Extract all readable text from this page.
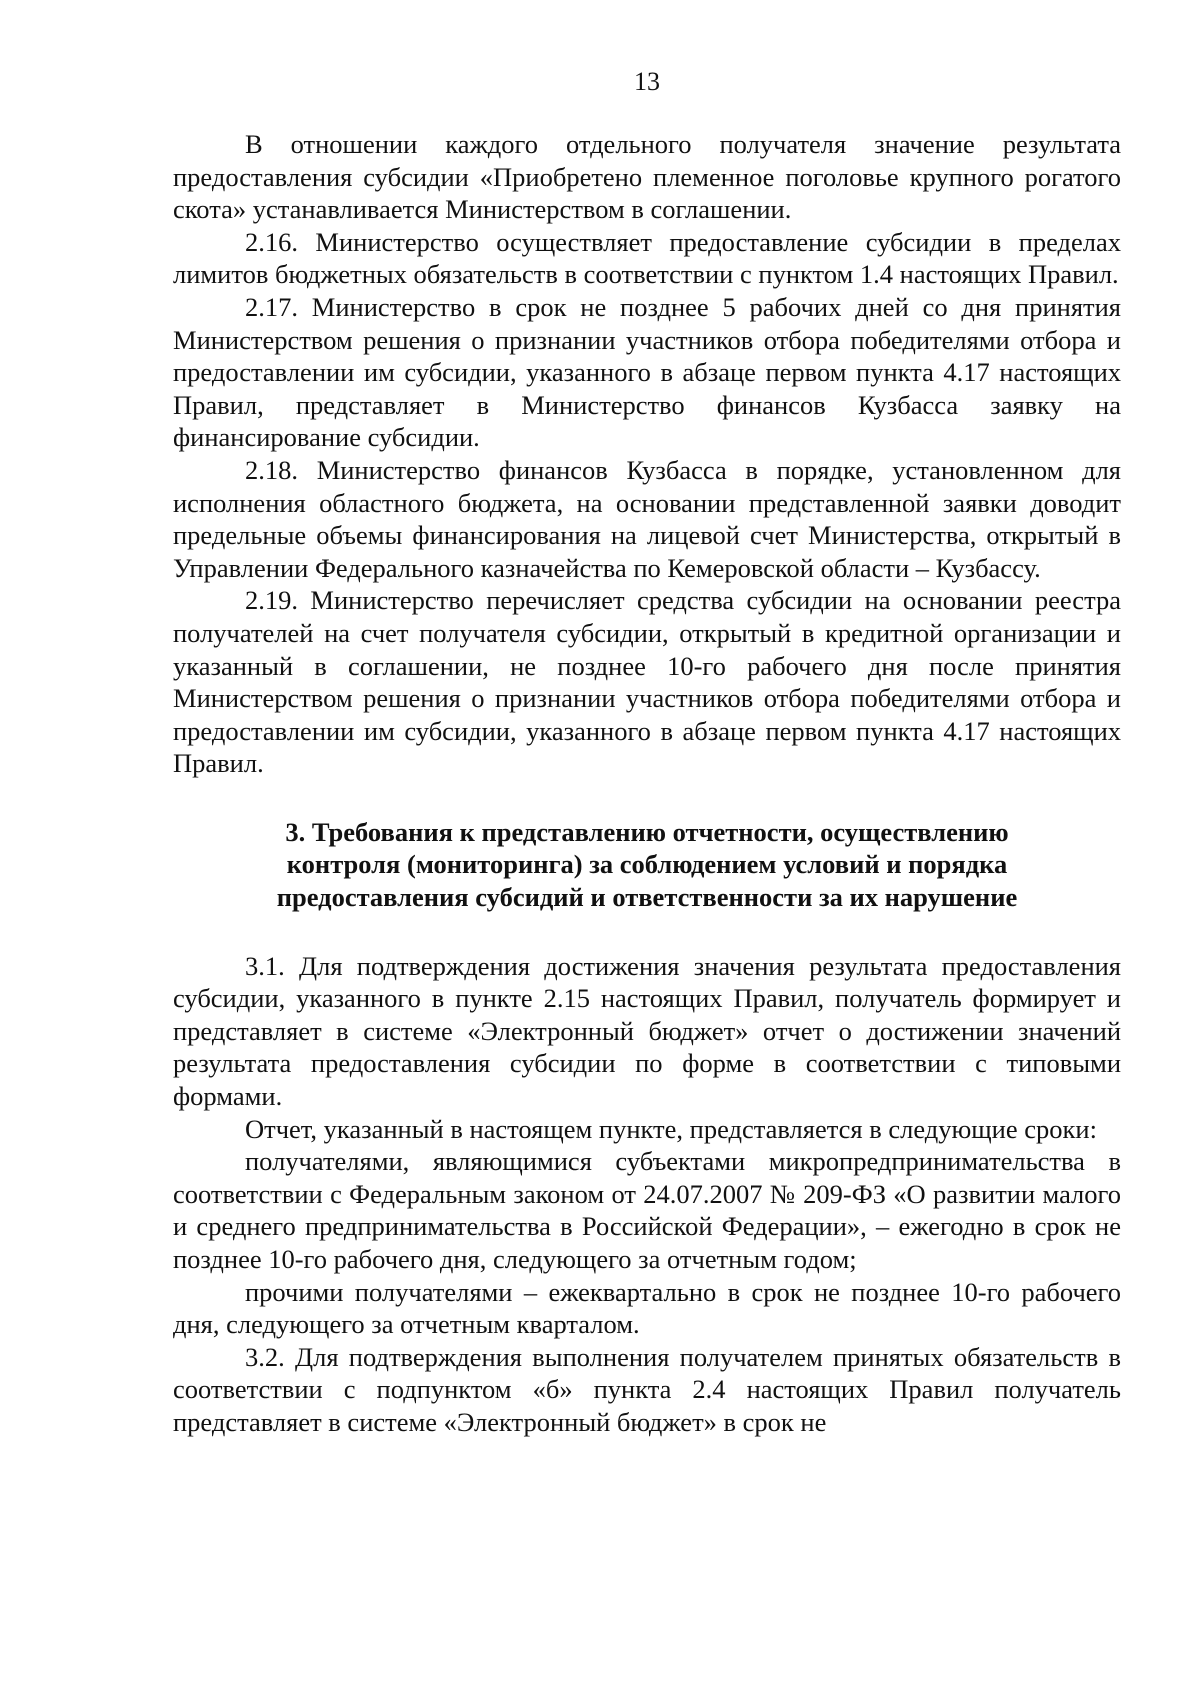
13

В отношении каждого отдельного получателя значение результата предоставления субсидии «Приобретено племенное поголовье крупного рогатого скота» устанавливается Министерством в соглашении.

2.16. Министерство осуществляет предоставление субсидии в пределах лимитов бюджетных обязательств в соответствии с пунктом 1.4 настоящих Правил.

2.17. Министерство в срок не позднее 5 рабочих дней со дня принятия Министерством решения о признании участников отбора победителями отбора и предоставлении им субсидии, указанного в абзаце первом пункта 4.17 настоящих Правил, представляет в Министерство финансов Кузбасса заявку на финансирование субсидии.

2.18. Министерство финансов Кузбасса в порядке, установленном для исполнения областного бюджета, на основании представленной заявки доводит предельные объемы финансирования на лицевой счет Министерства, открытый в Управлении Федерального казначейства по Кемеровской области – Кузбассу.

2.19. Министерство перечисляет средства субсидии на основании реестра получателей на счет получателя субсидии, открытый в кредитной организации и указанный в соглашении, не позднее 10-го рабочего дня после принятия Министерством решения о признании участников отбора победителями отбора и предоставлении им субсидии, указанного в абзаце первом пункта 4.17 настоящих Правил.

3. Требования к представлению отчетности, осуществлению
контроля (мониторинга) за соблюдением условий и порядка
предоставления субсидий и ответственности за их нарушение

3.1. Для подтверждения достижения значения результата предоставления субсидии, указанного в пункте 2.15 настоящих Правил, получатель формирует и представляет в системе «Электронный бюджет» отчет о достижении значений результата предоставления субсидии по форме в соответствии с типовыми формами.

Отчет, указанный в настоящем пункте, представляется в следующие сроки:

получателями, являющимися субъектами микропредпринимательства в соответствии с Федеральным законом от 24.07.2007 № 209-ФЗ «О развитии малого и среднего предпринимательства в Российской Федерации», – ежегодно в срок не позднее 10-го рабочего дня, следующего за отчетным годом;

прочими получателями – ежеквартально в срок не позднее 10-го рабочего дня, следующего за отчетным кварталом.

3.2. Для подтверждения выполнения получателем принятых обязательств в соответствии с подпунктом «б» пункта 2.4 настоящих Правил получатель представляет в системе «Электронный бюджет» в срок не
